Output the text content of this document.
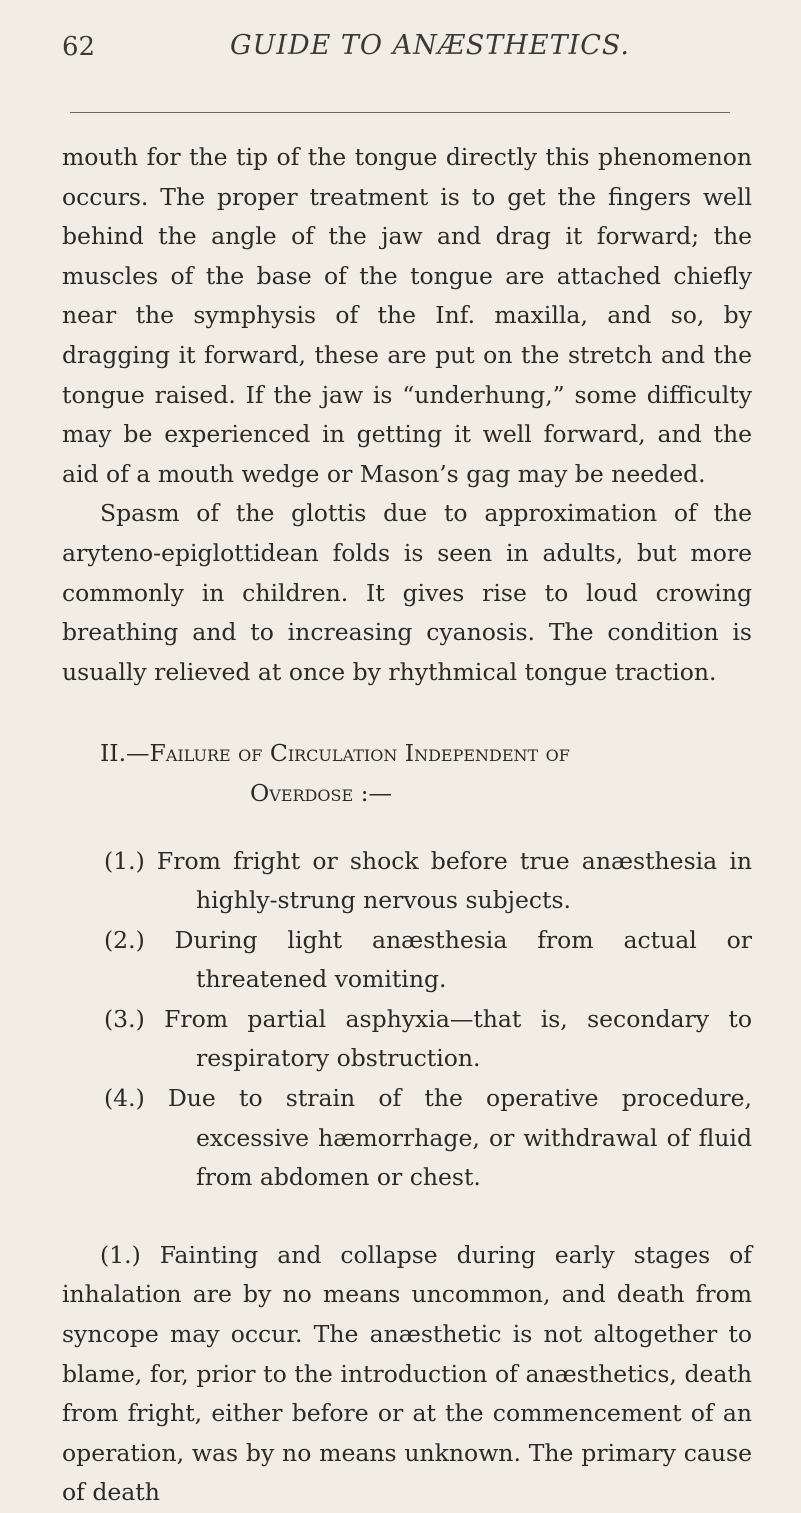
62	GUIDE TO ANÆSTHETICS.

mouth for the tip of the tongue directly this phenomenon occurs. The proper treatment is to get the fingers well behind the angle of the jaw and drag it forward; the muscles of the base of the tongue are attached chiefly near the symphysis of the Inf. maxilla, and so, by dragging it forward, these are put on the stretch and the tongue raised. If the jaw is “underhung,” some difficulty may be experienced in getting it well forward, and the aid of a mouth wedge or Mason’s gag may be needed.

Spasm of the glottis due to approximation of the aryteno-epiglottidean folds is seen in adults, but more commonly in children. It gives rise to loud crowing breathing and to increasing cyanosis. The condition is usually relieved at once by rhythmical tongue traction.

II.—Failure of Circulation Independent of
Overdose :—
(1.) From fright or shock before true anæsthesia in highly-strung nervous subjects.
(2.) During light anæsthesia from actual or threatened vomiting.
(3.) From partial asphyxia—that is, secondary to respiratory obstruction.
(4.) Due to strain of the operative procedure, excessive hæmorrhage, or withdrawal of fluid from abdomen or chest.

(1.) Fainting and collapse during early stages of inhalation are by no means uncommon, and death from syncope may occur. The anæsthetic is not altogether to blame, for, prior to the introduction of anæsthetics, death from fright, either before or at the commencement of an operation, was by no means unknown. The primary cause of death
